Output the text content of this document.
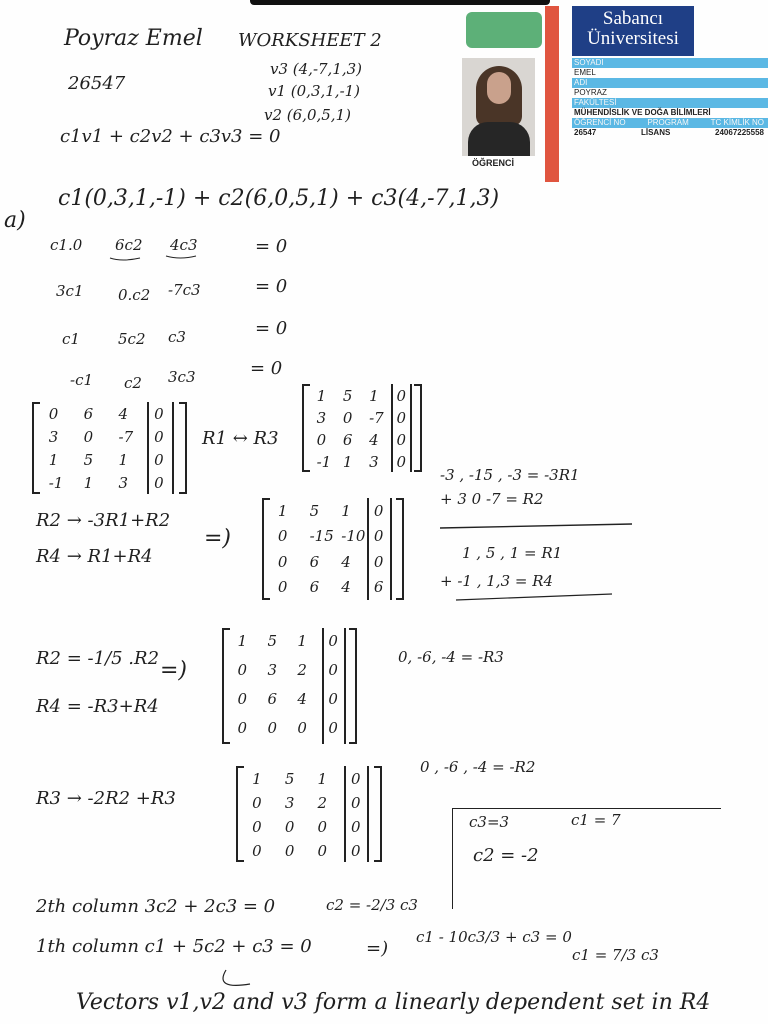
Poyraz Emel WORKSHEET 2
26547
v3 (4,-7,1,3)
v1 (0,3,1,-1)
v2 (6,0,5,1)
c1v1 + c2v2 + c3v3 = 0
ÖĞRENCİ
Sabancı
Üniversitesi
SOYADI
EMEL
ADI
POYRAZ
FAKÜLTESİ
MÜHENDİSLİK VE DOĞA BİLİMLERİ
ÖĞRENCİ NO	PROGRAM	TC KİMLİK NO
26547	LİSANS	24067225558
c1(0,3,1,-1) + c2(6,0,5,1) + c3(4,-7,1,3)
a)
c1.0 6c2 4c3	= 0
3c1 0.c2 -7c3	= 0
c1	5c2 c3	= 0
-c1 c2 3c3	= 0
0 6 4 0
3 0 -7 0
1 5 1 0
-1 1 3 0
R1 ↔ R3
1 5 1 0
3 0 -7 0
0 6 4 0
-1 1 3 0
R2 → -3R1+R2
R4 → R1+R4
=)
1 5 1 0
0 -15 -10 0
0 6 4 0
0 6 4 6
-3 , -15 , -3 = -3R1
+ 3 0 -7 = R2
1 , 5 , 1 = R1
+ -1 , 1,3 = R4
R2 = -1/5 .R2
R4 = -R3+R4
=)
1 5 1 0
0 3 2 0
0 6 4 0
0 0 0 0
0, -6, -4 = -R3
R3 → -2R2 +R3
1 5 1 0
0 3 2 0
0 0 0 0
0 0 0 0
0 , -6 , -4 = -R2
c3=3	c1 = 7
c2 = -2
2th column 3c2 + 2c3 = 0	c2 = -2/3 c3
1th column c1 + 5c2 + c3 = 0	=)
c1 - 10c3/3 + c3 = 0
c1 = 7/3 c3
Vectors v1,v2 and v3 form a linearly dependent set in R4
